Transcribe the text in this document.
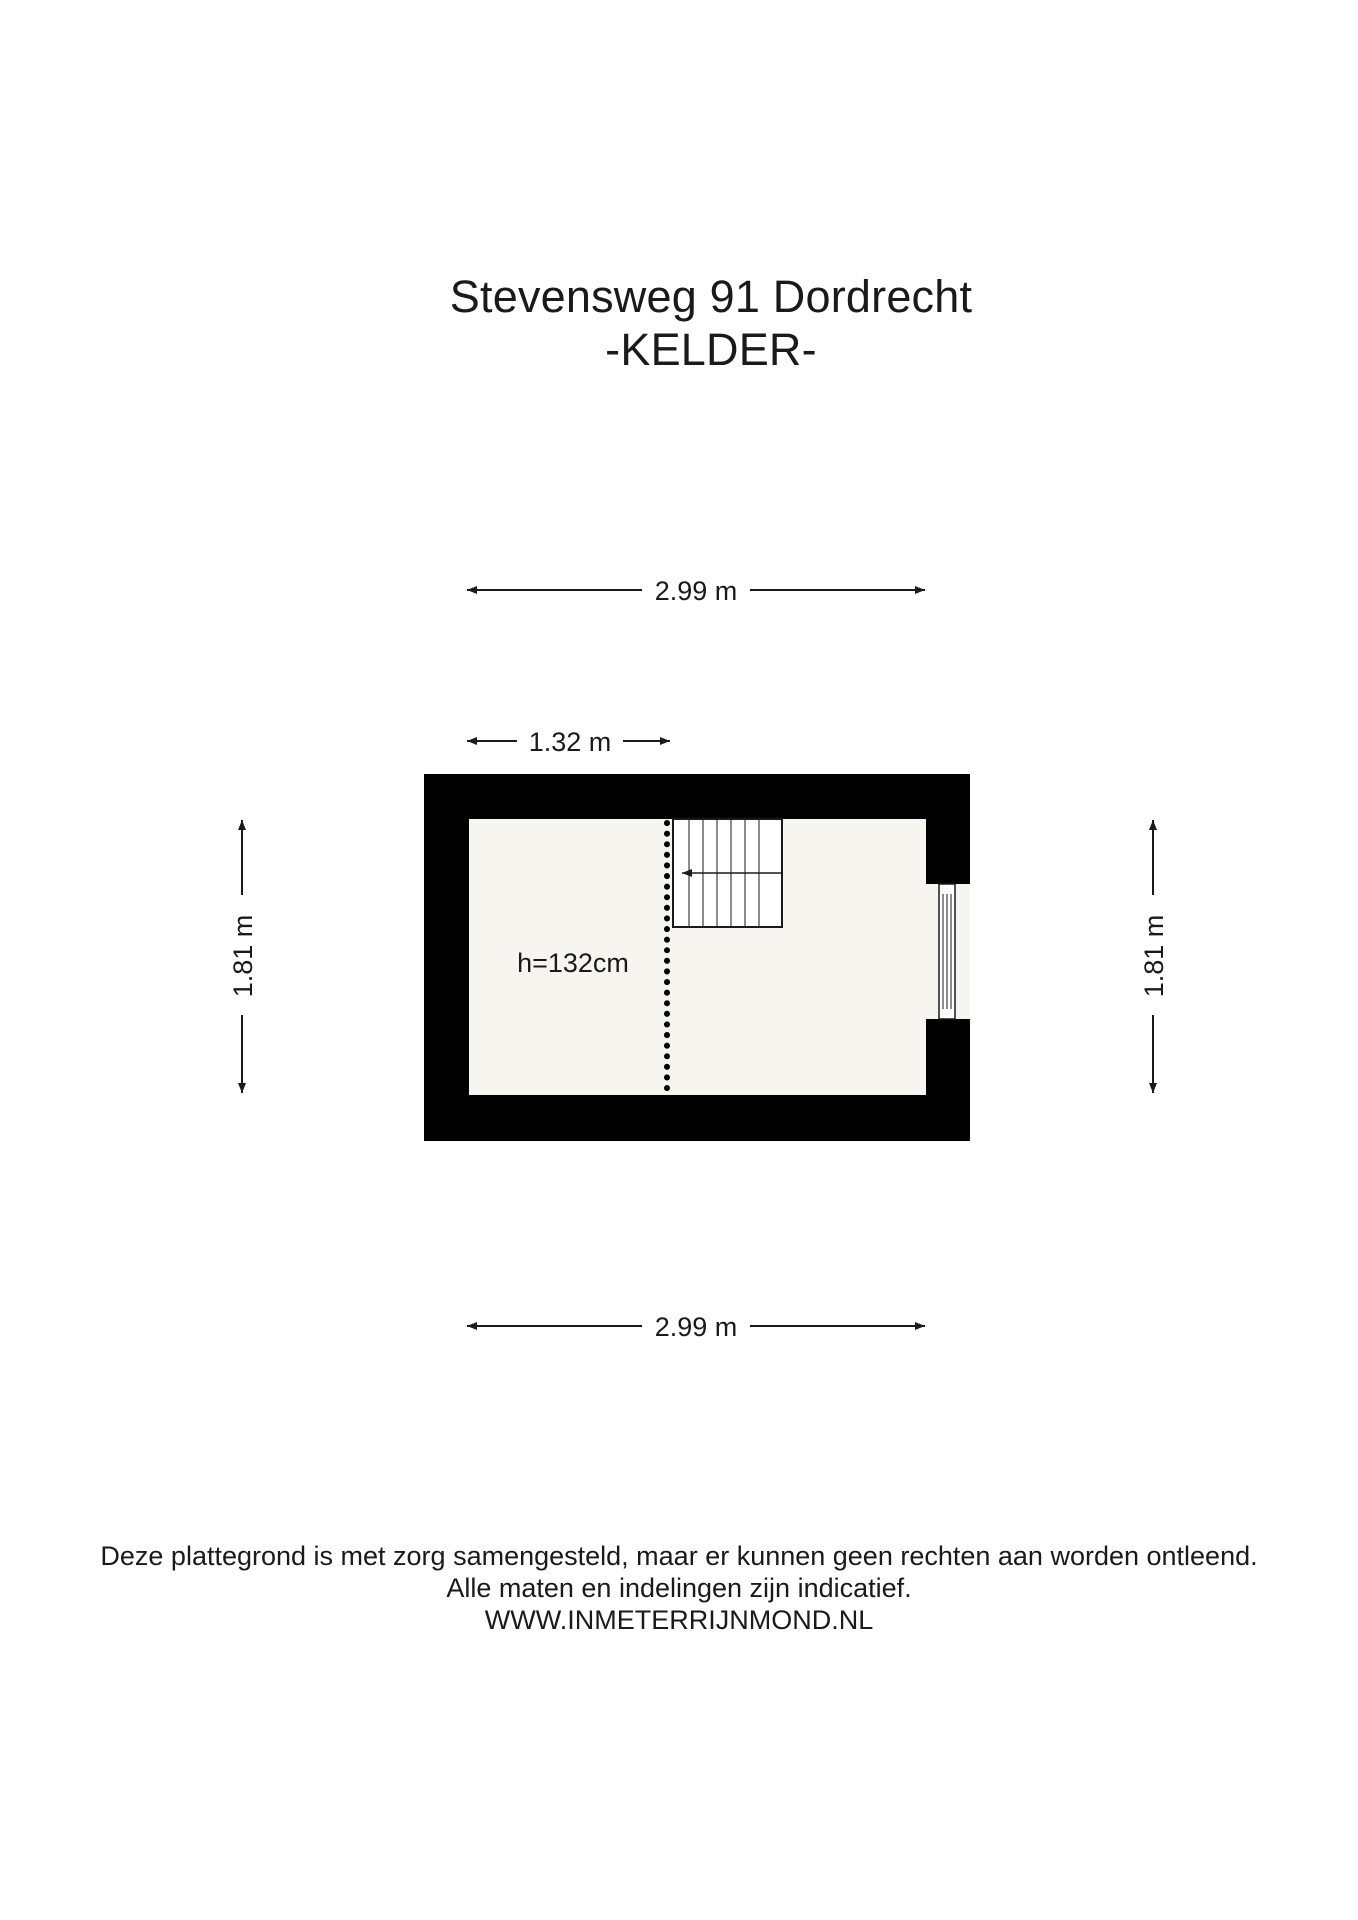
Stevensweg 91 Dordrecht
-KELDER-
2.99 m
1.32 m
1.81 m	1.81 m
h=132cm
2.99 m
Deze plattegrond is met zorg samengesteld, maar er kunnen geen rechten aan worden ontleend.
Alle maten en indelingen zijn indicatief.
WWW.INMETERRIJNMOND.NL
